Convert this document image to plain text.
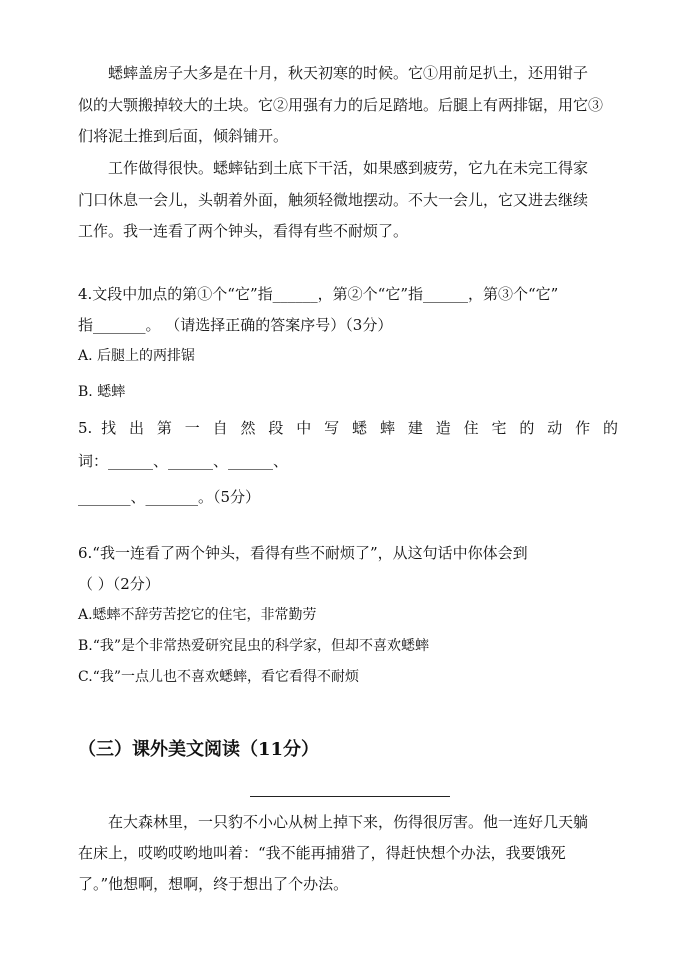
蟋蟀盖房子大多是在十月，秋天初寒的时候。它①用前足扒土，还用钳子
似的大颚搬掉较大的土块。它②用强有力的后足踏地。后腿上有两排锯，用它③
们将泥土推到后面，倾斜铺开。
工作做得很快。蟋蟀钻到土底下干活，如果感到疲劳，它九在未完工得家
门口休息一会儿，头朝着外面，触须轻微地摆动。不大一会儿，它又进去继续
工作。我一连看了两个钟头，看得有些不耐烦了。
4.文段中加点的第①个“它”指______，第②个“它”指______，第③个“它”
指_______。 （请选择正确的答案序号）（3分）
A. 后腿上的两排锯
B. 蟋蟀
5. 找 出 第 一 自 然 段 中 写 蟋 蟀 建 造 住 宅 的 动 作 的
词：______、______、______、
_______、_______。（5分）
6.“我一连看了两个钟头，看得有些不耐烦了”，从这句话中你体会到
（ ）（2分）
A.蟋蟀不辞劳苦挖它的住宅，非常勤劳
B.“我”是个非常热爱研究昆虫的科学家，但却不喜欢蟋蟀
C.“我”一点儿也不喜欢蟋蟀，看它看得不耐烦
（三）课外美文阅读（11分）
在大森林里，一只豹不小心从树上掉下来，伤得很厉害。他一连好几天躺
在床上，哎哟哎哟地叫着：“我不能再捕猎了，得赶快想个办法，我要饿死
了。”他想啊，想啊，终于想出了个办法。
